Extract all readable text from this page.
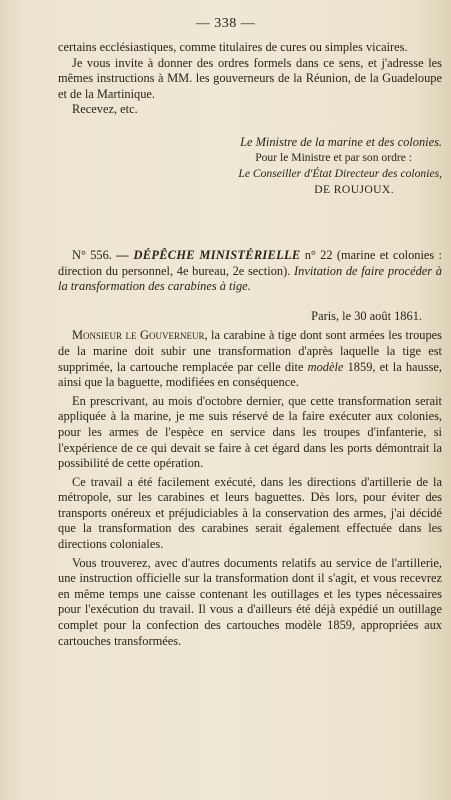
— 338 —

certains ecclésiastiques, comme titulaires de cures ou simples vicaires.

Je vous invite à donner des ordres formels dans ce sens, et j'adresse les mêmes instructions à MM. les gouverneurs de la Réunion, de la Guadeloupe et de la Martinique.

Recevez, etc.

Le Ministre de la marine et des colonies.
Pour le Ministre et par son ordre :
Le Conseiller d'État Directeur des colonies,
DE ROUJOUX.

N° 556. — DÉPÊCHE MINISTÉRIELLE n° 22 (marine et colonies : direction du personnel, 4e bureau, 2e section). Invitation de faire procéder à la transformation des carabines à tige.

Paris, le 30 août 1861.

Monsieur le Gouverneur, la carabine à tige dont sont armées les troupes de la marine doit subir une transformation d'après laquelle la tige est supprimée, la cartouche remplacée par celle dite modèle 1859, et la hausse, ainsi que la baguette, modifiées en conséquence.

En prescrivant, au mois d'octobre dernier, que cette transformation serait appliquée à la marine, je me suis réservé de la faire exécuter aux colonies, pour les armes de l'espèce en service dans les troupes d'infanterie, si l'expérience de ce qui devait se faire à cet égard dans les ports démontrait la possibilité de cette opération.

Ce travail a été facilement exécuté, dans les directions d'artillerie de la métropole, sur les carabines et leurs baguettes. Dès lors, pour éviter des transports onéreux et préjudiciables à la conservation des armes, j'ai décidé que la transformation des carabines serait également effectuée dans les directions coloniales.

Vous trouverez, avec d'autres documents relatifs au service de l'artillerie, une instruction officielle sur la transformation dont il s'agit, et vous recevrez en même temps une caisse contenant les outillages et les types nécessaires pour l'exécution du travail. Il vous a d'ailleurs été déjà expédié un outillage complet pour la confection des cartouches modèle 1859, appropriées aux cartouches transformées.
